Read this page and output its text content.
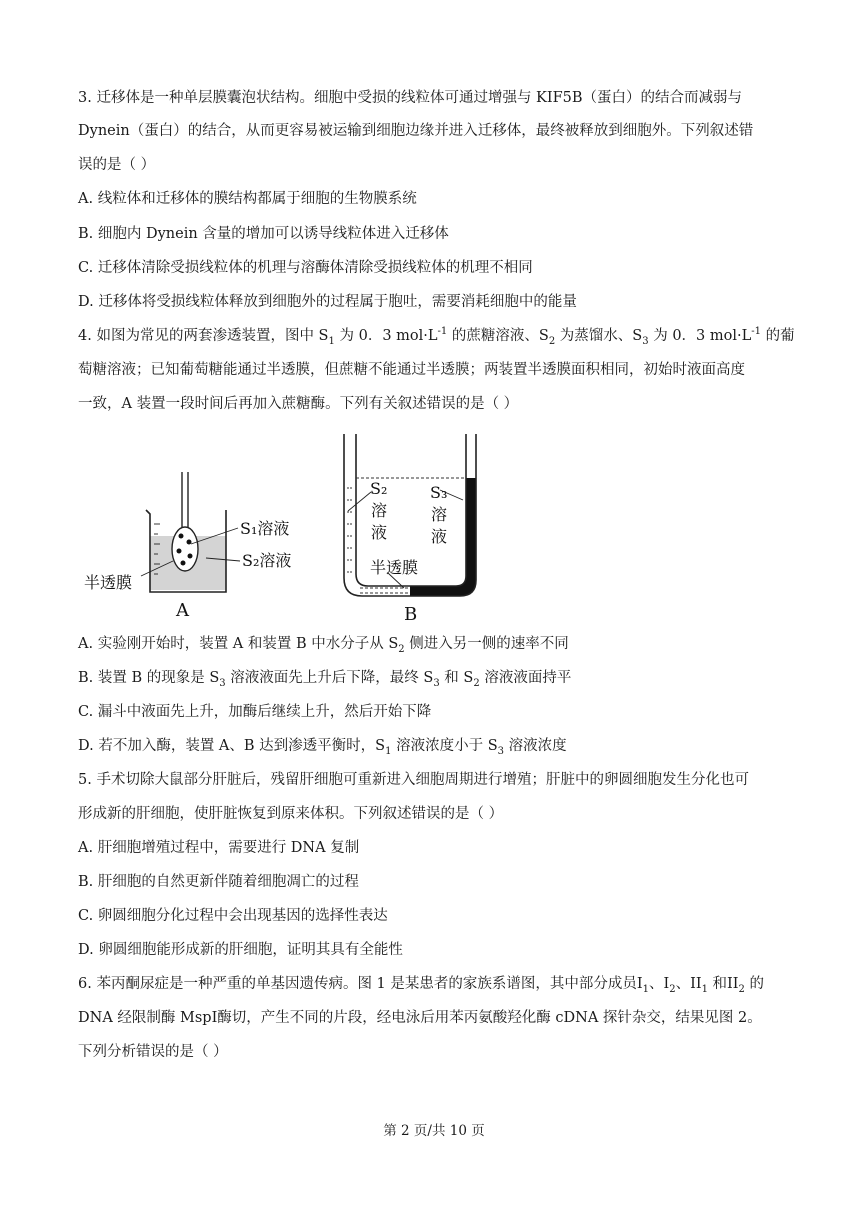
3. 迁移体是一种单层膜囊泡状结构。细胞中受损的线粒体可通过增强与 KIF5B（蛋白）的结合而减弱与
Dynein（蛋白）的结合，从而更容易被运输到细胞边缘并进入迁移体，最终被释放到细胞外。下列叙述错
误的是（ ）
A. 线粒体和迁移体的膜结构都属于细胞的生物膜系统
B. 细胞内 Dynein 含量的增加可以诱导线粒体进入迁移体
C. 迁移体清除受损线粒体的机理与溶酶体清除受损线粒体的机理不相同
D. 迁移体将受损线粒体释放到细胞外的过程属于胞吐，需要消耗细胞中的能量
4. 如图为常见的两套渗透装置，图中 $S_1$ 为 0．3 $mol\cdot L^{-1}$ 的蔗糖溶液、$S_2$ 为蒸馏水、$S_3$ 为 0．3 $mol\cdot L^{-1}$ 的葡
萄糖溶液；已知葡萄糖能通过半透膜，但蔗糖不能通过半透膜；两装置半透膜面积相同，初始时液面高度
一致，A 装置一段时间后再加入蔗糖酶。下列有关叙述错误的是（ ）
S₁溶液
S₂溶液
半透膜
A
S₂
溶
液
S₃
溶
液
半透膜
B
A. 实验刚开始时，装置 A 和装置 B 中水分子从 $S_2$ 侧进入另一侧的速率不同
B. 装置 B 的现象是 $S_3$ 溶液液面先上升后下降，最终 $S_3$ 和 $S_2$ 溶液液面持平
C. 漏斗中液面先上升，加酶后继续上升，然后开始下降
D. 若不加入酶，装置 A、B 达到渗透平衡时，$S_1$ 溶液浓度小于 $S_3$ 溶液浓度
5. 手术切除大鼠部分肝脏后，残留肝细胞可重新进入细胞周期进行增殖；肝脏中的卵圆细胞发生分化也可
形成新的肝细胞，使肝脏恢复到原来体积。下列叙述错误的是（ ）
A. 肝细胞增殖过程中，需要进行 DNA 复制
B. 肝细胞的自然更新伴随着细胞凋亡的过程
C. 卵圆细胞分化过程中会出现基因的选择性表达
D. 卵圆细胞能形成新的肝细胞，证明其具有全能性
6. 苯丙酮尿症是一种严重的单基因遗传病。图 1 是某患者的家族系谱图，其中部分成员$I_1$、$I_2$、$II_1$ 和$II_2$ 的
DNA 经限制酶 MspI酶切，产生不同的片段，经电泳后用苯丙氨酸羟化酶 cDNA 探针杂交，结果见图 2。
下列分析错误的是（ ）
第 2 页/共 10 页
